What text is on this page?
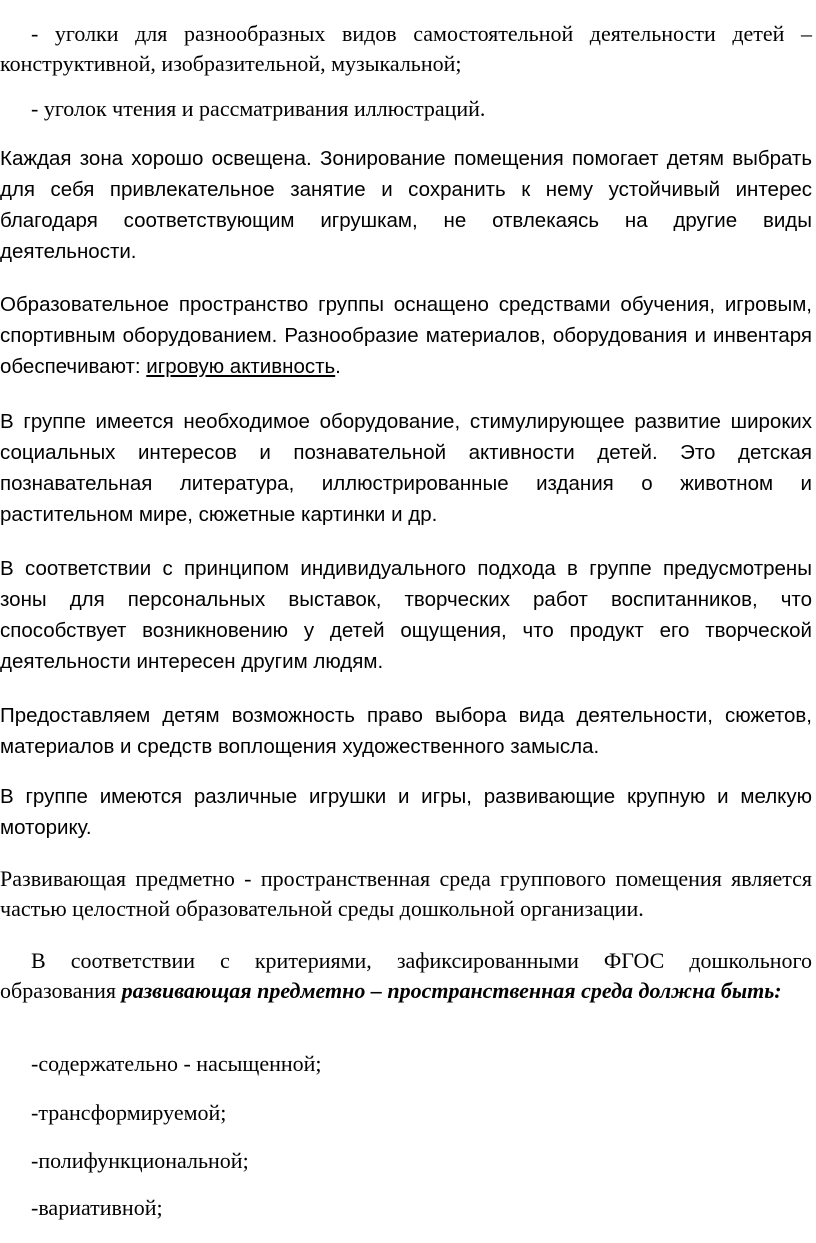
- уголки для разнообразных видов самостоятельной деятельности детей – конструктивной, изобразительной, музыкальной;

- уголок чтения и рассматривания иллюстраций.

Каждая зона хорошо освещена. Зонирование помещения помогает детям выбрать для себя привлекательное занятие и сохранить к нему устойчивый интерес благодаря соответствующим игрушкам, не отвлекаясь на другие виды деятельности.

Образовательное пространство группы оснащено средствами обучения, игровым, спортивным оборудованием. Разнообразие материалов, оборудования и инвентаря обеспечивают: игровую активность.

В группе имеется необходимое оборудование, стимулирующее развитие широких социальных интересов и познавательной активности детей. Это детская познавательная литература, иллюстрированные издания о животном и растительном мире, сюжетные картинки и др.

В соответствии с принципом индивидуального подхода в группе предусмотрены зоны для персональных выставок, творческих работ воспитанников, что способствует возникновению у детей ощущения, что продукт его творческой деятельности интересен другим людям.

Предоставляем детям возможность право выбора вида деятельности, сюжетов, материалов и средств воплощения художественного замысла.

В группе имеются различные игрушки и игры, развивающие крупную и мелкую моторику.

Развивающая предметно - пространственная среда группового помещения является частью целостной образовательной среды дошкольной организации.

В соответствии с критериями, зафиксированными ФГОС дошкольного образования развивающая предметно – пространственная среда должна быть:

-содержательно - насыщенной;

-трансформируемой;

-полифункциональной;

-вариативной;
